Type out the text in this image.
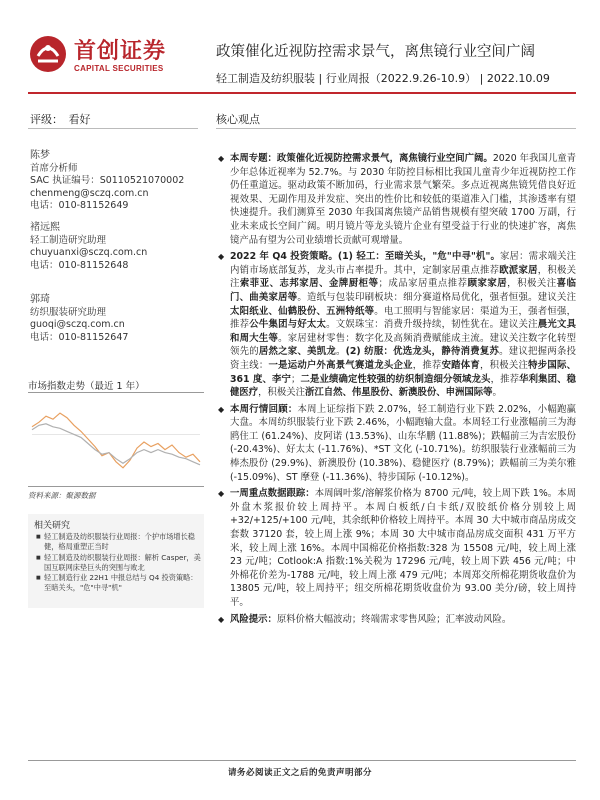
首创证券
CAPITAL SECURITIES
政策催化近视防控需求景气，离焦镜行业空间广阔
轻工制造及纺织服装 | 行业周报（2022.9.26-10.9） | 2022.10.09
评级：　看好	核心观点
陈梦
首席分析师
SAC 执证编号：S0110521070002
chenmeng@sczq.com.cn
电话：010-81152649
褚远熙
轻工制造研究助理
chuyuanxi@sczq.com.cn
电话：010-81152648
郭琦
纺织服装研究助理
guoqi@sczq.com.cn
电话：010-81152647
市场指数走势（最近 1 年）
资料来源：聚源数据
相关研究
■ 轻工制造及纺织服装行业周报：个护市场增长稳健，格局重塑正当时
■ 轻工制造及纺织服装行业周报：解析 Casper，美国互联网床垫巨头的突围与败北
■ 轻工制造行业 22H1 中报总结与 Q4 投资策略：至暗关头，"危"中寻"机"
◆ 本周专题：政策催化近视防控需求景气，离焦镜行业空间广阔。2020 年我国儿童青少年总体近视率为 52.7%。与 2030 年防控目标相比我国儿童青少年近视防控工作仍任重道远。驱动政策不断加码，行业需求景气繁荣。多点近视离焦镜凭借良好近视效果、无副作用及并发症、突出的性价比和较低的渠道准入门槛，其渗透率有望快速提升。我们测算至 2030 年我国离焦镜产品销售规模有望突破 1700 万副，行业未来成长空间广阔。明月镜片等龙头镜片企业有望受益于行业的快速扩容，离焦镜产品有望为公司业绩增长贡献可观增量。
◆ 2022 年 Q4 投资策略。(1) 轻工：至暗关头，"危"中寻"机"。家居：需求端关注内销市场底部复苏，龙头市占率提升。其中，定制家居重点推荐欧派家居，积极关注索菲亚、志邦家居、金牌厨柜等；成品家居重点推荐顾家家居，积极关注喜临门、曲美家居等。造纸与包装印刷板块：细分赛道格局优化，强者恒强。建议关注太阳纸业、仙鹤股份、五洲特纸等。电工照明与智能家居：渠道为王，强者恒强，推荐公牛集团与好太太。文娱珠宝：消费升级持续，韧性犹在。建议关注晨光文具和周大生等。家居建材零售：数字化及高频消费赋能成主流。建议关注数字化转型领先的居然之家、美凯龙。(2) 纺服：优选龙头，静待消费复苏。建议把握两条投资主线：一是运动户外高景气赛道龙头企业，推荐安踏体育，积极关注特步国际、361 度、李宁；二是业绩确定性较强的纺织制造细分领域龙头，推荐华利集团、稳健医疗，积极关注浙江自然、伟星股份、新澳股份、申洲国际等。
◆ 本周行情回顾：本周上证综指下跌 2.07%，轻工制造行业下跌 2.02%，小幅跑赢大盘。本周纺织服装行业下跌 2.46%，小幅跑输大盘。本周轻工行业涨幅前三为海鸥住工 (61.24%)、皮阿诺 (13.53%)、山东华鹏 (11.88%)；跌幅前三为吉宏股份 (-20.43%)、好太太 (-11.76%)、*ST 文化 (-10.71%)。纺织服装行业涨幅前三为棒杰股份 (29.9%)、新澳股份 (10.38%)、稳健医疗 (8.79%)；跌幅前三为美尔雅 (-15.09%)、ST 摩登 (-11.36%)、特步国际 (-10.12%)。
◆ 一周重点数据跟踪：本周阔叶浆/溶解浆价格为 8700 元/吨，较上周下跌 1%。本周外盘木浆报价较上周持平。本周白板纸/白卡纸/双胶纸价格分别较上周+32/+125/+100 元/吨，其余纸种价格较上周持平。本周 30 大中城市商品房成交套数 37120 套，较上周上涨 9%；本周 30 大中城市商品房成交面积 431 万平方米，较上周上涨 16%。本周中国棉花价格指数:328 为 15508 元/吨，较上周上涨 23 元/吨；Cotlook:A 指数:1%关税为 17296 元/吨，较上周下跌 456 元/吨；中外棉花价差为-1788 元/吨，较上周上涨 479 元/吨；本周郑交所棉花期货收盘价为 13805 元/吨，较上周持平；纽交所棉花期货收盘价为 93.00 美分/磅，较上周持平。
◆ 风险提示：原料价格大幅波动；终端需求零售风险；汇率波动风险。
请务必阅读正文之后的免责声明部分
